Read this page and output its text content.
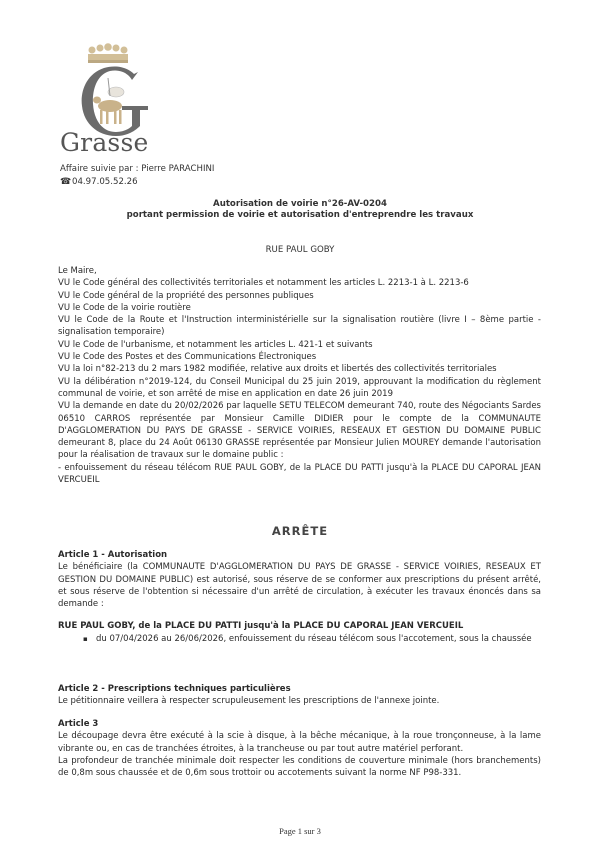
Grasse
Affaire suivie par : Pierre PARACHINI
☎04.97.05.52.26
Autorisation de voirie n°26-AV-0204
portant permission de voirie et autorisation d'entreprendre les travaux
RUE PAUL GOBY

Le Maire,

VU le Code général des collectivités territoriales et notamment les articles L. 2213-1 à L. 2213-6

VU le Code général de la propriété des personnes publiques

VU le Code de la voirie routière

VU le Code de la Route et l'Instruction interministérielle sur la signalisation routière (livre I – 8ème partie - signalisation temporaire)

VU le Code de l'urbanisme, et notamment les articles L. 421-1 et suivants

VU le Code des Postes et des Communications Électroniques

VU la loi n°82-213 du 2 mars 1982 modifiée, relative aux droits et libertés des collectivités territoriales

VU la délibération n°2019-124, du Conseil Municipal du 25 juin 2019, approuvant la modification du règlement communal de voirie, et son arrêté de mise en application en date 26 juin 2019

VU la demande en date du 20/02/2026 par laquelle SETU TELECOM demeurant 740, route des Négociants Sardes 06510 CARROS représentée par Monsieur Camille DIDIER pour le compte de la COMMUNAUTE D'AGGLOMERATION DU PAYS DE GRASSE - SERVICE VOIRIES, RESEAUX ET GESTION DU DOMAINE PUBLIC demeurant 8, place du 24 Août 06130 GRASSE représentée par Monsieur Julien MOUREY demande l'autorisation pour la réalisation de travaux sur le domaine public :

- enfouissement du réseau télécom RUE PAUL GOBY, de la PLACE DU PATTI jusqu'à la PLACE DU CAPORAL JEAN VERCUEIL

ARRÊTE

Article 1 - Autorisation

Le bénéficiaire (la COMMUNAUTE D'AGGLOMERATION DU PAYS DE GRASSE - SERVICE VOIRIES, RESEAUX ET GESTION DU DOMAINE PUBLIC) est autorisé, sous réserve de se conformer aux prescriptions du présent arrêté, et sous réserve de l'obtention si nécessaire d'un arrêté de circulation, à exécuter les travaux énoncés dans sa demande :

RUE PAUL GOBY, de la PLACE DU PATTI jusqu'à la PLACE DU CAPORAL JEAN VERCUEIL

▪ du 07/04/2026 au 26/06/2026, enfouissement du réseau télécom sous l'accotement, sous la chaussée

Article 2 - Prescriptions techniques particulières

Le pétitionnaire veillera à respecter scrupuleusement les prescriptions de l'annexe jointe.

Article 3

Le découpage devra être exécuté à la scie à disque, à la bêche mécanique, à la roue tronçonneuse, à la lame vibrante ou, en cas de tranchées étroites, à la trancheuse ou par tout autre matériel perforant.

La profondeur de tranchée minimale doit respecter les conditions de couverture minimale (hors branchements) de 0,8m sous chaussée et de 0,6m sous trottoir ou accotements suivant la norme NF P98-331.

Page 1 sur 3
